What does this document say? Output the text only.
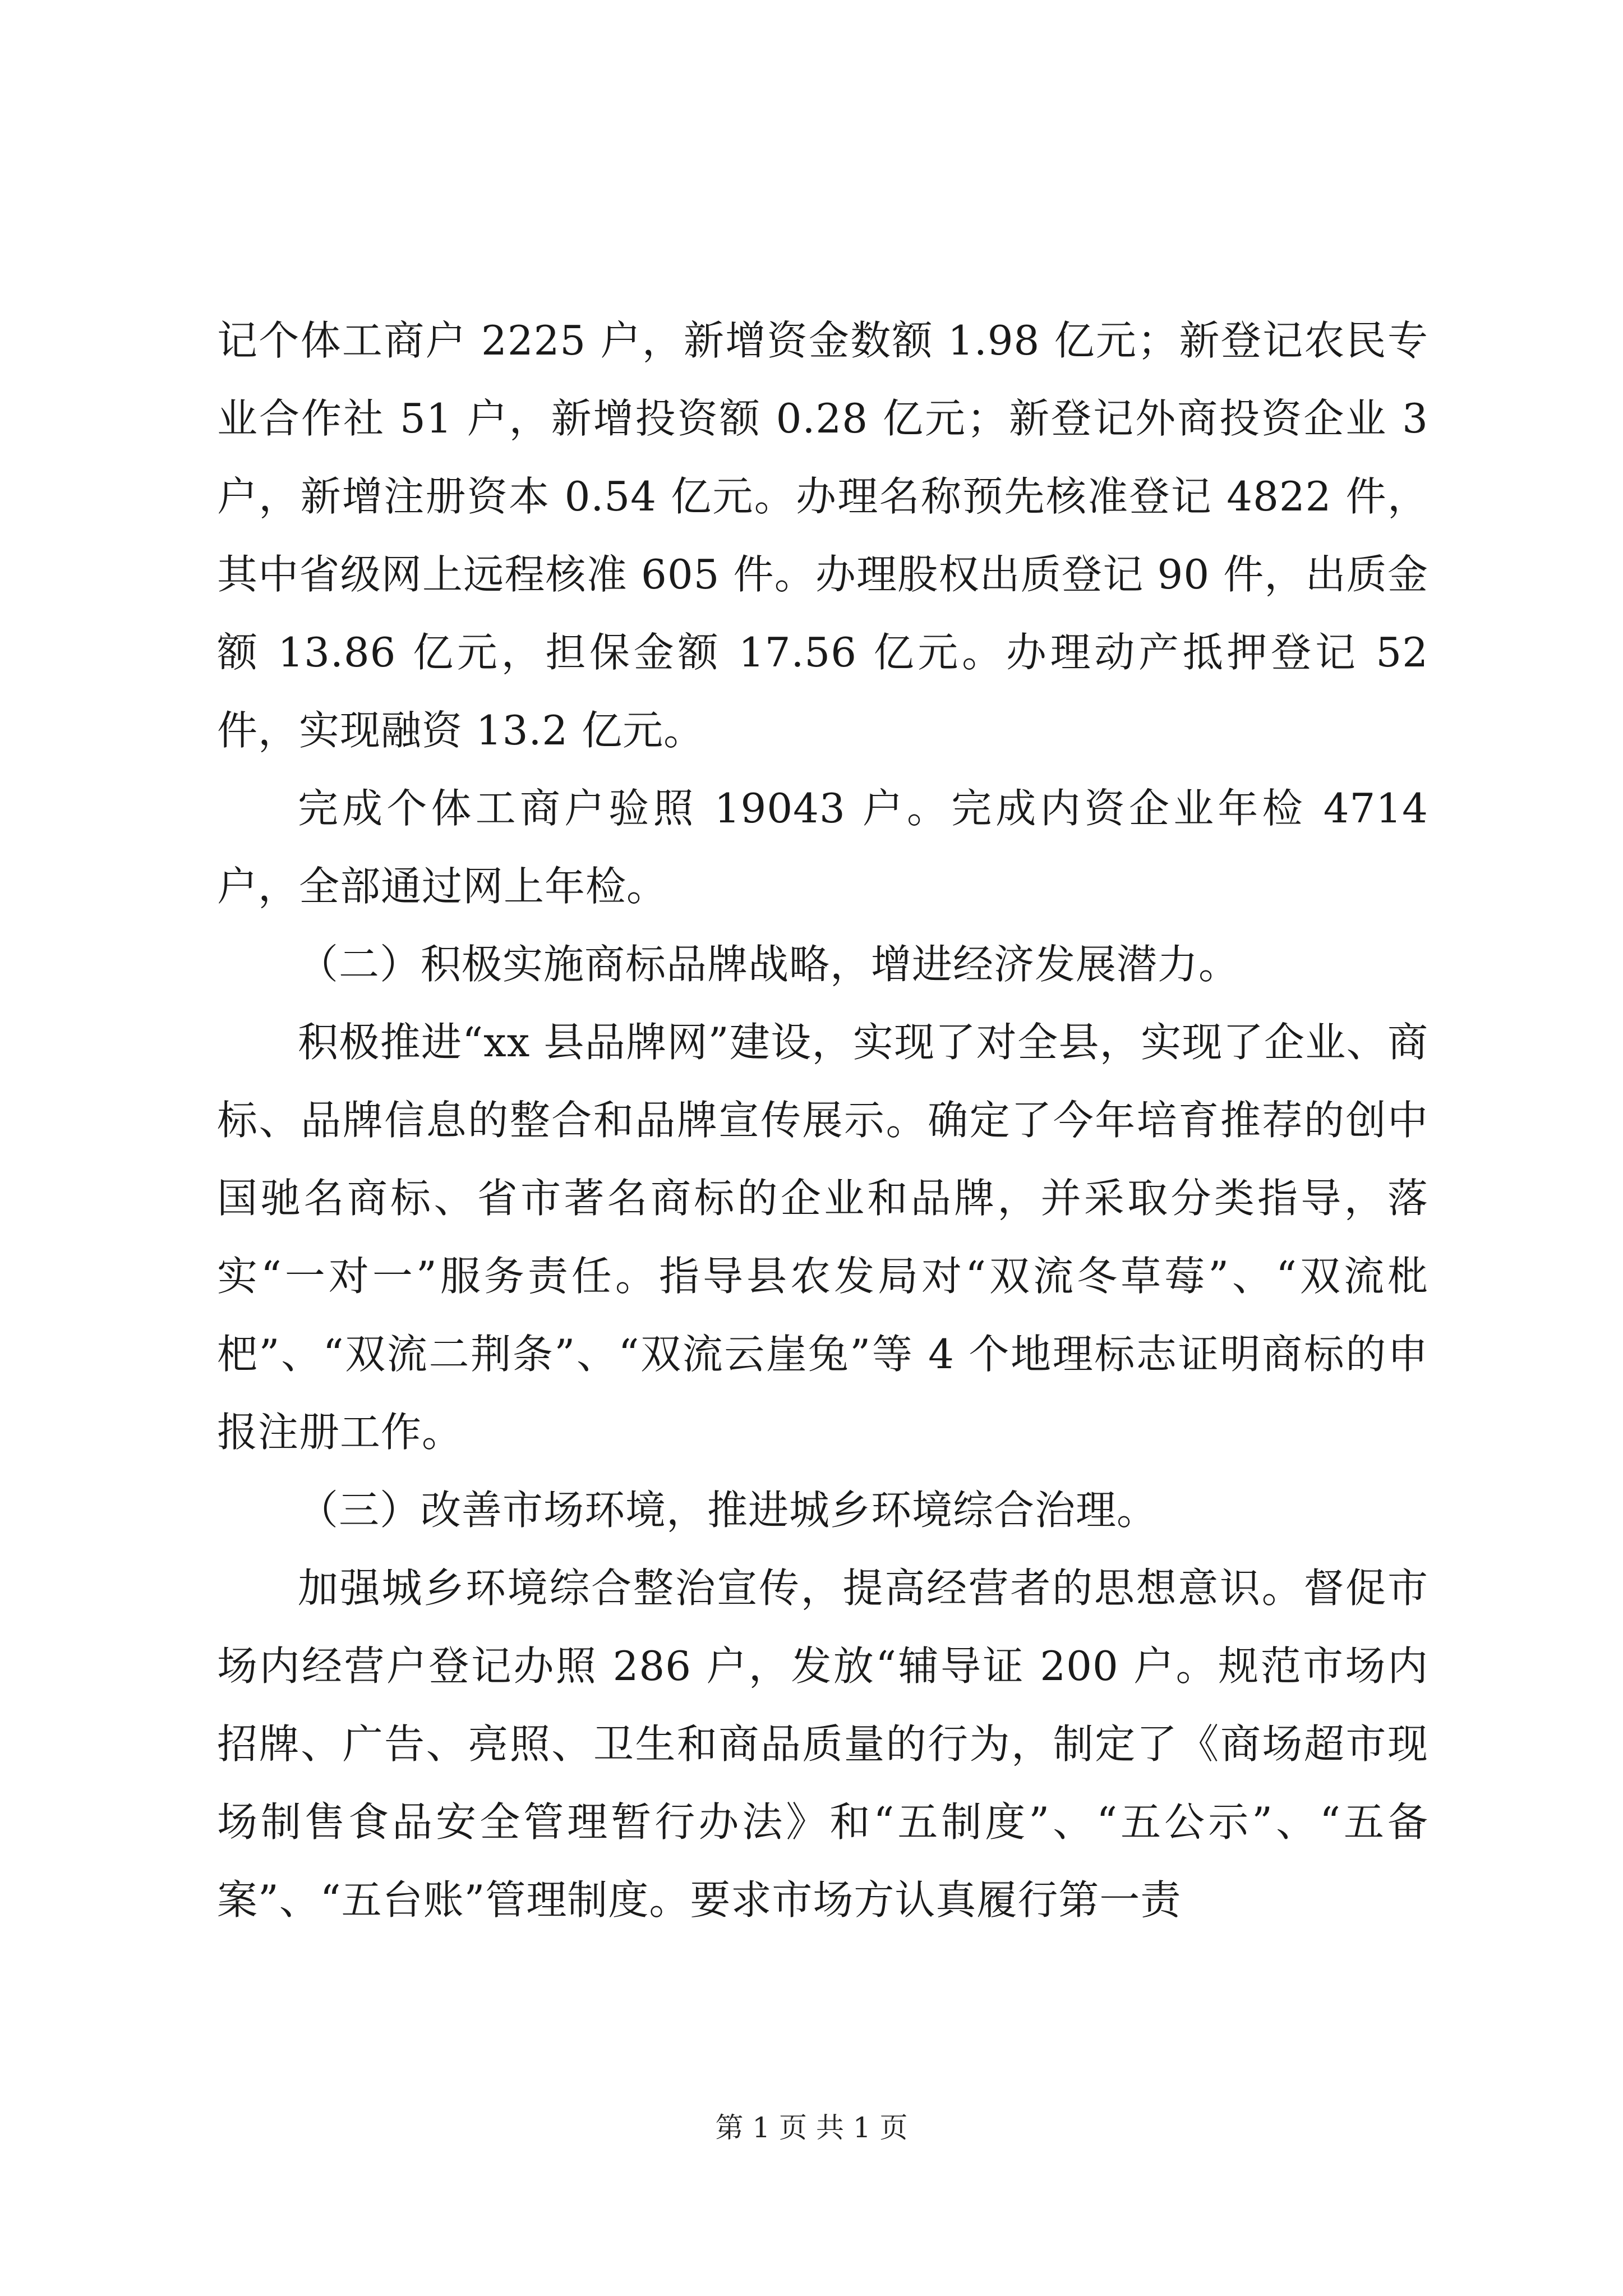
记个体工商户 2225 户，新增资金数额 1.98 亿元；新登记农民专业合作社 51 户，新增投资额 0.28 亿元；新登记外商投资企业 3 户，新增注册资本 0.54 亿元。办理名称预先核准登记 4822 件，其中省级网上远程核准 605 件。办理股权出质登记 90 件，出质金额 13.86 亿元，担保金额 17.56 亿元。办理动产抵押登记 52 件，实现融资 13.2 亿元。

完成个体工商户验照 19043 户。完成内资企业年检 4714 户，全部通过网上年检。

（二）积极实施商标品牌战略，增进经济发展潜力。

积极推进“xx 县品牌网”建设，实现了对全县，实现了企业、商标、品牌信息的整合和品牌宣传展示。确定了今年培育推荐的创中国驰名商标、省市著名商标的企业和品牌，并采取分类指导，落实“一对一”服务责任。指导县农发局对“双流冬草莓”、“双流枇杷”、“双流二荆条”、“双流云崖兔”等 4 个地理标志证明商标的申报注册工作。

（三）改善市场环境，推进城乡环境综合治理。

加强城乡环境综合整治宣传，提高经营者的思想意识。督促市场内经营户登记办照 286 户，发放“辅导证 200 户。规范市场内招牌、广告、亮照、卫生和商品质量的行为，制定了《商场超市现场制售食品安全管理暂行办法》和“五制度”、“五公示”、“五备案”、“五台账”管理制度。要求市场方认真履行第一责

第 1 页 共 1 页
